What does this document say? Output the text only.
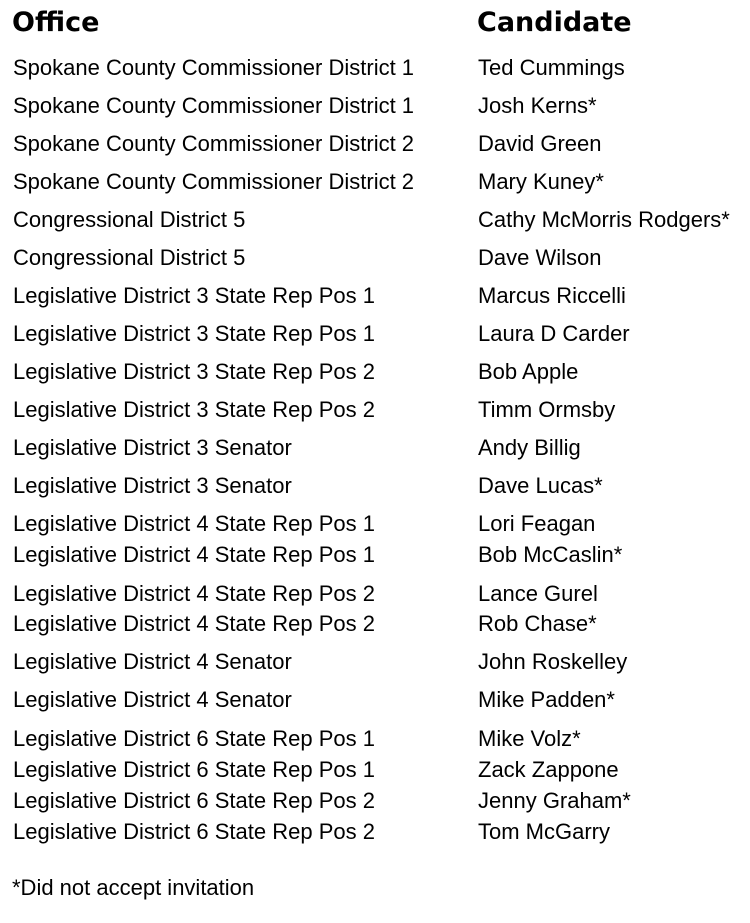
Office	Candidate
Spokane County Commissioner District 1	Ted Cummings
Spokane County Commissioner District 1	Josh Kerns*
Spokane County Commissioner District 2	David Green
Spokane County Commissioner District 2	Mary Kuney*
Congressional District 5	Cathy McMorris Rodgers*
Congressional District 5	Dave Wilson
Legislative District 3 State Rep Pos 1	Marcus Riccelli
Legislative District 3 State Rep Pos 1	Laura D Carder
Legislative District 3 State Rep Pos 2	Bob Apple
Legislative District 3 State Rep Pos 2	Timm Ormsby
Legislative District 3 Senator	Andy Billig
Legislative District 3 Senator	Dave Lucas*
Legislative District 4 State Rep Pos 1	Lori Feagan
Legislative District 4 State Rep Pos 1	Bob McCaslin*
Legislative District 4 State Rep Pos 2	Lance Gurel
Legislative District 4 State Rep Pos 2	Rob Chase*
Legislative District 4 Senator	John Roskelley
Legislative District 4 Senator	Mike Padden*
Legislative District 6 State Rep Pos 1	Mike Volz*
Legislative District 6 State Rep Pos 1	Zack Zappone
Legislative District 6 State Rep Pos 2	Jenny Graham*
Legislative District 6 State Rep Pos 2	Tom McGarry
*Did not accept invitation
